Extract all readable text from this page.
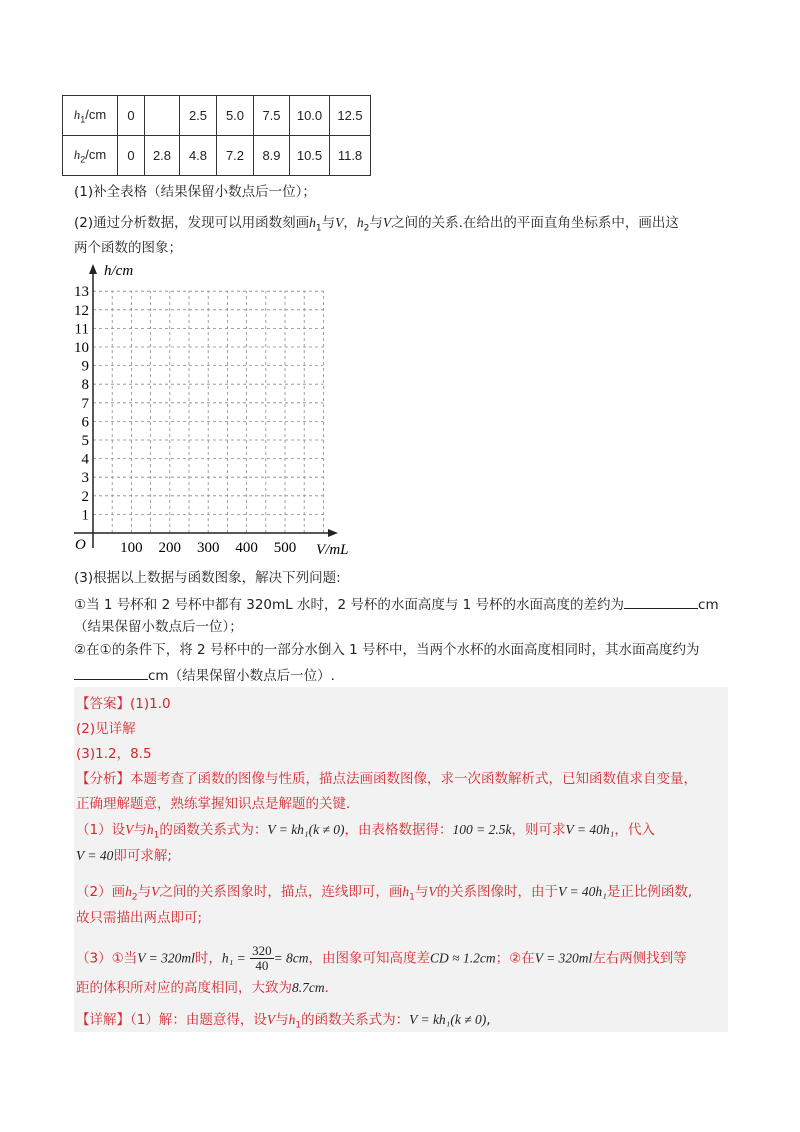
$h_1/cm$	0		2.5	5.0	7.5	10.0	12.5
$h_2/cm$	0	2.8	4.8	7.2	8.9	10.5	11.8
(1)补全表格（结果保留小数点后一位）；
(2)通过分析数据，发现可以用函数刻画$h_1$与V，$h_2$与V之间的关系.在给出的平面直角坐标系中，画出这
两个函数的图象；
1
2
3
4
5
6
7
8
9
10
11
12
13
100 200 300 400 500
O
h/cm
V/mL
(3)根据以上数据与函数图象，解决下列问题:
①当 1 号杯和 2 号杯中都有 320mL 水时，2 号杯的水面高度与 1 号杯的水面高度的差约为	cm
（结果保留小数点后一位）；
②在①的条件下，将 2 号杯中的一部分水倒入 1 号杯中，当两个水杯的水面高度相同时，其水面高度约为
cm（结果保留小数点后一位）.
【答案】(1)1.0
(2)见详解
(3)1.2，8.5
【分析】本题考查了函数的图像与性质，描点法画函数图像，求一次函数解析式，已知函数值求自变量，
正确理解题意，熟练掌握知识点是解题的关键．
（1）设V与$h_1$的函数关系式为：V = kh₁(k ≠ 0)，由表格数据得：100 = 2.5k，则可求V = 40h₁，代入
V = 40即可求解;
（2）画$h_2$与V之间的关系图象时，描点，连线即可，画$h_1$与V的关系图像时，由于V = 40h₁是正比例函数,
故只需描出两点即可;
（3）①当V = 320ml时，$h_1 = \frac{320}{40} = 8cm$，由图象可知高度差CD ≈ 1.2cm；②在V = 320ml左右两侧找到等
距的体积所对应的高度相同，大致为8.7cm．
【详解】（1）解：由题意得，设V与$h_1$的函数关系式为：V = kh₁(k ≠ 0),
